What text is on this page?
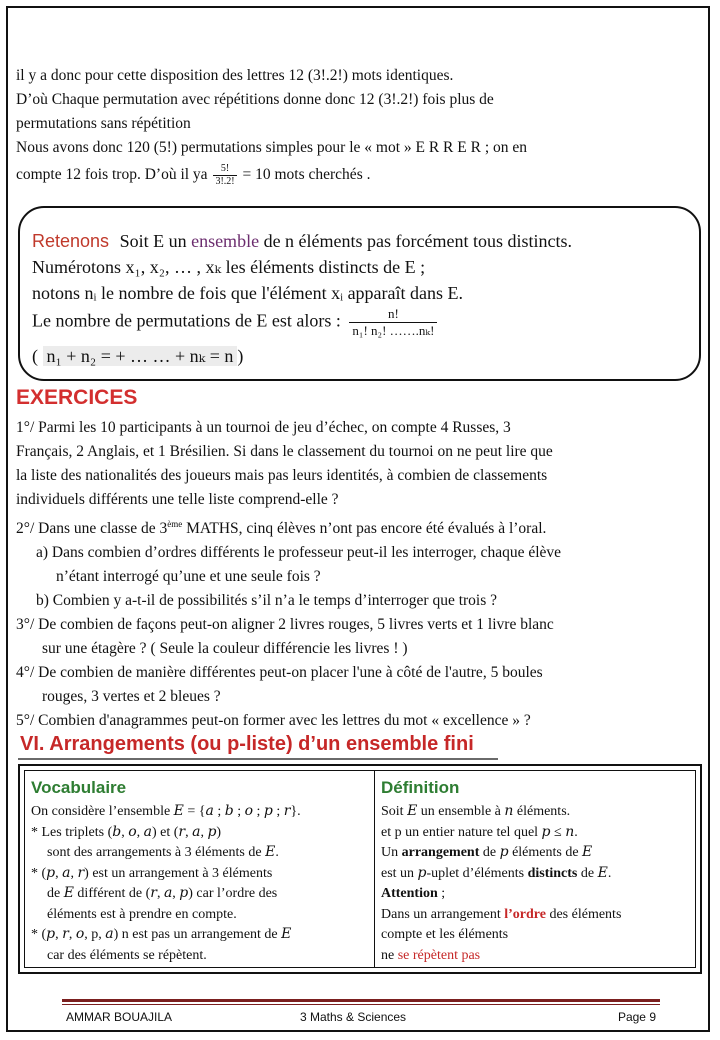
il y a donc pour cette disposition des lettres 12 (3!.2!) mots identiques.

D’où Chaque permutation avec répétitions donne donc 12 (3!.2!) fois plus de

permutations sans répétition

Nous avons donc 120 (5!) permutations simples pour le « mot » E R R E R ; on en

compte 12 fois trop. D’où il ya $\frac{5!}{3!.2!} = 10$ mots cherchés .

Retenons Soit E un ensemble de n éléments pas forcément tous distincts.

Numérotons x₁, x₂, … , xₖ les éléments distincts de E ;

notons nᵢ le nombre de fois que l'élément xᵢ apparaît dans E.

Le nombre de permutations de E est alors : $\frac{n!}{\text{n₁! n₂! …….nₖ!}}$

( n₁ + n₂ = + … … + nₖ = n )

EXERCICES

1°/ Parmi les 10 participants à un tournoi de jeu d’échec, on compte 4 Russes, 3

Français, 2 Anglais, et 1 Brésilien. Si dans le classement du tournoi on ne peut lire que

la liste des nationalités des joueurs mais pas leurs identités, à combien de classements

individuels différents une telle liste comprend-elle ?

2°/ Dans une classe de 3ème MATHS, cinq élèves n’ont pas encore été évalués à l’oral.

a) Dans combien d’ordres différents le professeur peut-il les interroger, chaque élève

n’étant interrogé qu’une et une seule fois ?

b) Combien y a-t-il de possibilités s’il n’a le temps d’interroger que trois ?

3°/ De combien de façons peut-on aligner 2 livres rouges, 5 livres verts et 1 livre blanc

sur une étagère ? ( Seule la couleur différencie les livres ! )

4°/ De combien de manière différentes peut-on placer l'une à côté de l'autre, 5 boules

rouges, 3 vertes et 2 bleues ?

5°/ Combien d'anagrammes peut-on former avec les lettres du mot « excellence » ?

VI. Arrangements (ou p-liste) d’un ensemble fini

Vocabulaire

On considère l’ensemble 𝐸 = {𝑎 ; 𝑏 ; 𝑜 ; 𝑝 ; 𝑟}.

* Les triplets (𝑏, 𝑜, 𝑎) et (𝑟, 𝑎, 𝑝)

sont des arrangements à 3 éléments de 𝐸.

* (𝑝, 𝑎, 𝑟) est un arrangement à 3 éléments

de 𝐸 différent de (𝑟, 𝑎, 𝑝) car l’ordre des

éléments est à prendre en compte.

* (𝑝, 𝑟, 𝑜, p, 𝑎) n est pas un arrangement de 𝐸

car des éléments se répètent.

Définition

Soit 𝐸 un ensemble à 𝑛 éléments.

et p un entier nature tel quel 𝑝 ≤ 𝑛.

Un arrangement de 𝑝 éléments de 𝐸

est un 𝑝-uplet d’éléments distincts de 𝐸.

Attention ;

Dans un arrangement l’ordre des éléments

compte et les éléments

ne se répètent pas

AMMAR BOUAJILA	3 Maths & Sciences	Page 9
